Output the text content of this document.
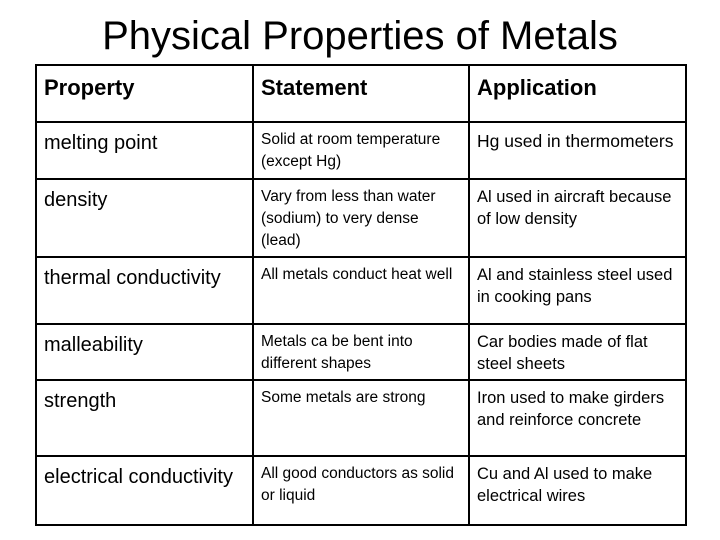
Physical Properties of Metals
Property	Statement	Application
melting point	Solid at room temperature (except Hg)	Hg used in thermometers
density	Vary from less than water (sodium) to very dense (lead)	Al used in aircraft because of low density
thermal conductivity	All metals conduct heat well	Al and stainless steel used in cooking pans
malleability	Metals ca be bent into different shapes	Car bodies made of flat steel sheets
strength	Some metals are strong	Iron used to make girders and reinforce concrete
electrical conductivity	All good conductors as solid or liquid	Cu and Al used to make electrical wires
